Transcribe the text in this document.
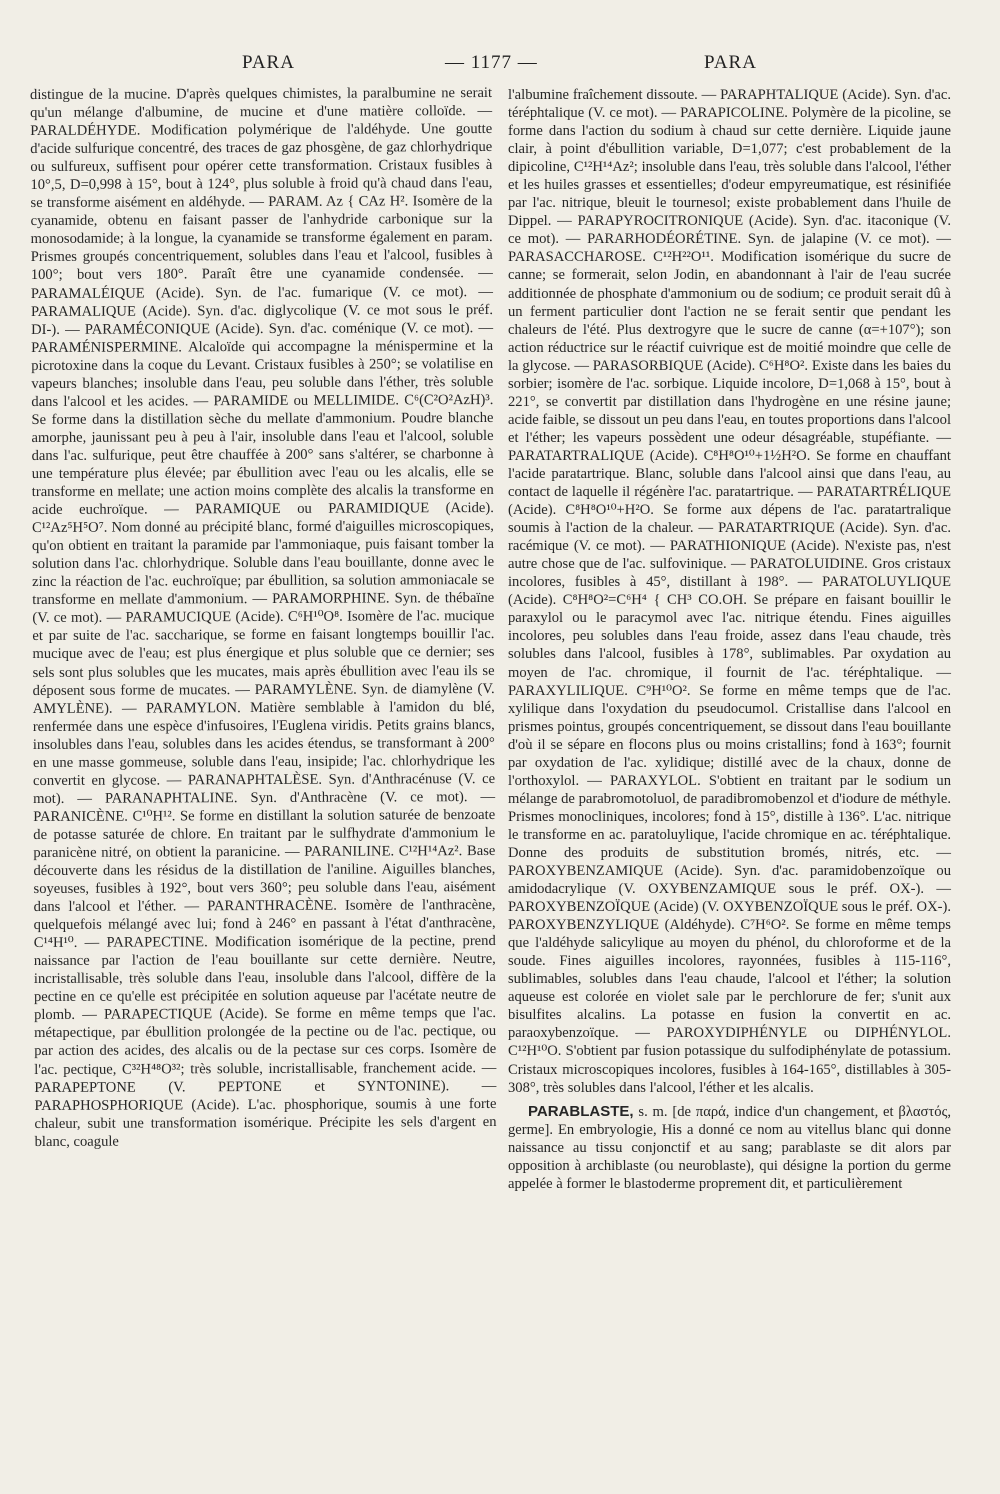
PARA	— 1177 —	PARA

distingue de la mucine. D'après quelques chimistes, la paralbumine ne serait qu'un mélange d'albumine, de mucine et d'une matière colloïde. — PARALDÉHYDE. Modification polymérique de l'aldéhyde. Une goutte d'acide sulfurique concentré, des traces de gaz phosgène, de gaz chlorhydrique ou sulfureux, suffisent pour opérer cette transformation. Cristaux fusibles à 10°,5, D=0,998 à 15°, bout à 124°, plus soluble à froid qu'à chaud dans l'eau, se transforme aisément en aldéhyde. — PARAM. Az { CAz H². Isomère de la cyanamide, obtenu en faisant passer de l'anhydride carbonique sur la monosodamide; à la longue, la cyanamide se transforme également en param. Prismes groupés concentriquement, solubles dans l'eau et l'alcool, fusibles à 100°; bout vers 180°. Paraît être une cyanamide condensée. — PARAMALÉIQUE (Acide). Syn. de l'ac. fumarique (V. ce mot). — PARAMALIQUE (Acide). Syn. d'ac. diglycolique (V. ce mot sous le préf. DI-). — PARAMÉCONIQUE (Acide). Syn. d'ac. coménique (V. ce mot). — PARAMÉNISPERMINE. Alcaloïde qui accompagne la ménispermine et la picrotoxine dans la coque du Levant. Cristaux fusibles à 250°; se volatilise en vapeurs blanches; insoluble dans l'eau, peu soluble dans l'éther, très soluble dans l'alcool et les acides. — PARAMIDE ou MELLIMIDE. C⁶(C²O²AzH)³. Se forme dans la distillation sèche du mellate d'ammonium. Poudre blanche amorphe, jaunissant peu à peu à l'air, insoluble dans l'eau et l'alcool, soluble dans l'ac. sulfurique, peut être chauffée à 200° sans s'altérer, se charbonne à une température plus élevée; par ébullition avec l'eau ou les alcalis, elle se transforme en mellate; une action moins complète des alcalis la transforme en acide euchroïque. — PARAMIQUE ou PARAMIDIQUE (Acide). C¹²Az⁵H⁵O⁷. Nom donné au précipité blanc, formé d'aiguilles microscopiques, qu'on obtient en traitant la paramide par l'ammoniaque, puis faisant tomber la solution dans l'ac. chlorhydrique. Soluble dans l'eau bouillante, donne avec le zinc la réaction de l'ac. euchroïque; par ébullition, sa solution ammoniacale se transforme en mellate d'ammonium. — PARAMORPHINE. Syn. de thébaïne (V. ce mot). — PARAMUCIQUE (Acide). C⁶H¹⁰O⁸. Isomère de l'ac. mucique et par suite de l'ac. saccharique, se forme en faisant longtemps bouillir l'ac. mucique avec de l'eau; est plus énergique et plus soluble que ce dernier; ses sels sont plus solubles que les mucates, mais après ébullition avec l'eau ils se déposent sous forme de mucates. — PARAMYLÈNE. Syn. de diamylène (V. AMYLÈNE). — PARAMYLON. Matière semblable à l'amidon du blé, renfermée dans une espèce d'infusoires, l'Euglena viridis. Petits grains blancs, insolubles dans l'eau, solubles dans les acides étendus, se transformant à 200° en une masse gommeuse, soluble dans l'eau, insipide; l'ac. chlorhydrique les convertit en glycose. — PARANAPHTALÈSE. Syn. d'Anthracénuse (V. ce mot). — PARANAPHTALINE. Syn. d'Anthracène (V. ce mot). — PARANICÈNE. C¹⁰H¹². Se forme en distillant la solution saturée de benzoate de potasse saturée de chlore. En traitant par le sulfhydrate d'ammonium le paranicène nitré, on obtient la paranicine. — PARANILINE. C¹²H¹⁴Az². Base découverte dans les résidus de la distillation de l'aniline. Aiguilles blanches, soyeuses, fusibles à 192°, bout vers 360°; peu soluble dans l'eau, aisément dans l'alcool et l'éther. — PARANTHRACÈNE. Isomère de l'anthracène, quelquefois mélangé avec lui; fond à 246° en passant à l'état d'anthracène, C¹⁴H¹⁰. — PARAPECTINE. Modification isomérique de la pectine, prend naissance par l'action de l'eau bouillante sur cette dernière. Neutre, incristallisable, très soluble dans l'eau, insoluble dans l'alcool, diffère de la pectine en ce qu'elle est précipitée en solution aqueuse par l'acétate neutre de plomb. — PARAPECTIQUE (Acide). Se forme en même temps que l'ac. métapectique, par ébullition prolongée de la pectine ou de l'ac. pectique, ou par action des acides, des alcalis ou de la pectase sur ces corps. Isomère de l'ac. pectique, C³²H⁴⁸O³²; très soluble, incristallisable, franchement acide. — PARAPEPTONE (V. PEPTONE et SYNTONINE). — PARAPHOSPHORIQUE (Acide). L'ac. phosphorique, soumis à une forte chaleur, subit une transformation isomérique. Précipite les sels d'argent en blanc, coagule

l'albumine fraîchement dissoute. — PARAPHTALIQUE (Acide). Syn. d'ac. téréphtalique (V. ce mot). — PARAPICOLINE. Polymère de la picoline, se forme dans l'action du sodium à chaud sur cette dernière. Liquide jaune clair, à point d'ébullition variable, D=1,077; c'est probablement de la dipicoline, C¹²H¹⁴Az²; insoluble dans l'eau, très soluble dans l'alcool, l'éther et les huiles grasses et essentielles; d'odeur empyreumatique, est résinifiée par l'ac. nitrique, bleuit le tournesol; existe probablement dans l'huile de Dippel. — PARAPYROCITRONIQUE (Acide). Syn. d'ac. itaconique (V. ce mot). — PARARHODÉORÉTINE. Syn. de jalapine (V. ce mot). — PARASACCHAROSE. C¹²H²²O¹¹. Modification isomérique du sucre de canne; se formerait, selon Jodin, en abandonnant à l'air de l'eau sucrée additionnée de phosphate d'ammonium ou de sodium; ce produit serait dû à un ferment particulier dont l'action ne se ferait sentir que pendant les chaleurs de l'été. Plus dextrogyre que le sucre de canne (α=+107°); son action réductrice sur le réactif cuivrique est de moitié moindre que celle de la glycose. — PARASORBIQUE (Acide). C⁶H⁸O². Existe dans les baies du sorbier; isomère de l'ac. sorbique. Liquide incolore, D=1,068 à 15°, bout à 221°, se convertit par distillation dans l'hydrogène en une résine jaune; acide faible, se dissout un peu dans l'eau, en toutes proportions dans l'alcool et l'éther; les vapeurs possèdent une odeur désagréable, stupéfiante. — PARATARTRALIQUE (Acide). C⁸H⁸O¹⁰+1½H²O. Se forme en chauffant l'acide paratartrique. Blanc, soluble dans l'alcool ainsi que dans l'eau, au contact de laquelle il régénère l'ac. paratartrique. — PARATARTRÉLIQUE (Acide). C⁸H⁸O¹⁰+H²O. Se forme aux dépens de l'ac. paratartralique soumis à l'action de la chaleur. — PARATARTRIQUE (Acide). Syn. d'ac. racémique (V. ce mot). — PARATHIONIQUE (Acide). N'existe pas, n'est autre chose que de l'ac. sulfovinique. — PARATOLUIDINE. Gros cristaux incolores, fusibles à 45°, distillant à 198°. — PARATOLUYLIQUE (Acide). C⁸H⁸O²=C⁶H⁴ { CH³ CO.OH. Se prépare en faisant bouillir le paraxylol ou le paracymol avec l'ac. nitrique étendu. Fines aiguilles incolores, peu solubles dans l'eau froide, assez dans l'eau chaude, très solubles dans l'alcool, fusibles à 178°, sublimables. Par oxydation au moyen de l'ac. chromique, il fournit de l'ac. téréphtalique. — PARAXYLILIQUE. C⁹H¹⁰O². Se forme en même temps que de l'ac. xylilique dans l'oxydation du pseudocumol. Cristallise dans l'alcool en prismes pointus, groupés concentriquement, se dissout dans l'eau bouillante d'où il se sépare en flocons plus ou moins cristallins; fond à 163°; fournit par oxydation de l'ac. xylidique; distillé avec de la chaux, donne de l'orthoxylol. — PARAXYLOL. S'obtient en traitant par le sodium un mélange de parabromotoluol, de paradibromobenzol et d'iodure de méthyle. Prismes monocliniques, incolores; fond à 15°, distille à 136°. L'ac. nitrique le transforme en ac. paratoluylique, l'acide chromique en ac. téréphtalique. Donne des produits de substitution bromés, nitrés, etc. — PAROXYBENZAMIQUE (Acide). Syn. d'ac. paramidobenzoïque ou amidodacrylique (V. OXYBENZAMIQUE sous le préf. OX-). — PAROXYBENZOÏQUE (Acide) (V. OXYBENZOÏQUE sous le préf. OX-). PAROXYBENZYLIQUE (Aldéhyde). C⁷H⁶O². Se forme en même temps que l'aldéhyde salicylique au moyen du phénol, du chloroforme et de la soude. Fines aiguilles incolores, rayonnées, fusibles à 115-116°, sublimables, solubles dans l'eau chaude, l'alcool et l'éther; la solution aqueuse est colorée en violet sale par le perchlorure de fer; s'unit aux bisulfites alcalins. La potasse en fusion la convertit en ac. paraoxybenzoïque. — PAROXYDIPHÉNYLE ou DIPHÉNYLOL. C¹²H¹⁰O. S'obtient par fusion potassique du sulfodiphénylate de potassium. Cristaux microscopiques incolores, fusibles à 164-165°, distillables à 305-308°, très solubles dans l'alcool, l'éther et les alcalis.

PARABLASTE, s. m. [de παρά, indice d'un changement, et βλαστός, germe]. En embryologie, His a donné ce nom au vitellus blanc qui donne naissance au tissu conjonctif et au sang; parablaste se dit alors par opposition à archiblaste (ou neuroblaste), qui désigne la portion du germe appelée à former le blastoderme proprement dit, et particulièrement
